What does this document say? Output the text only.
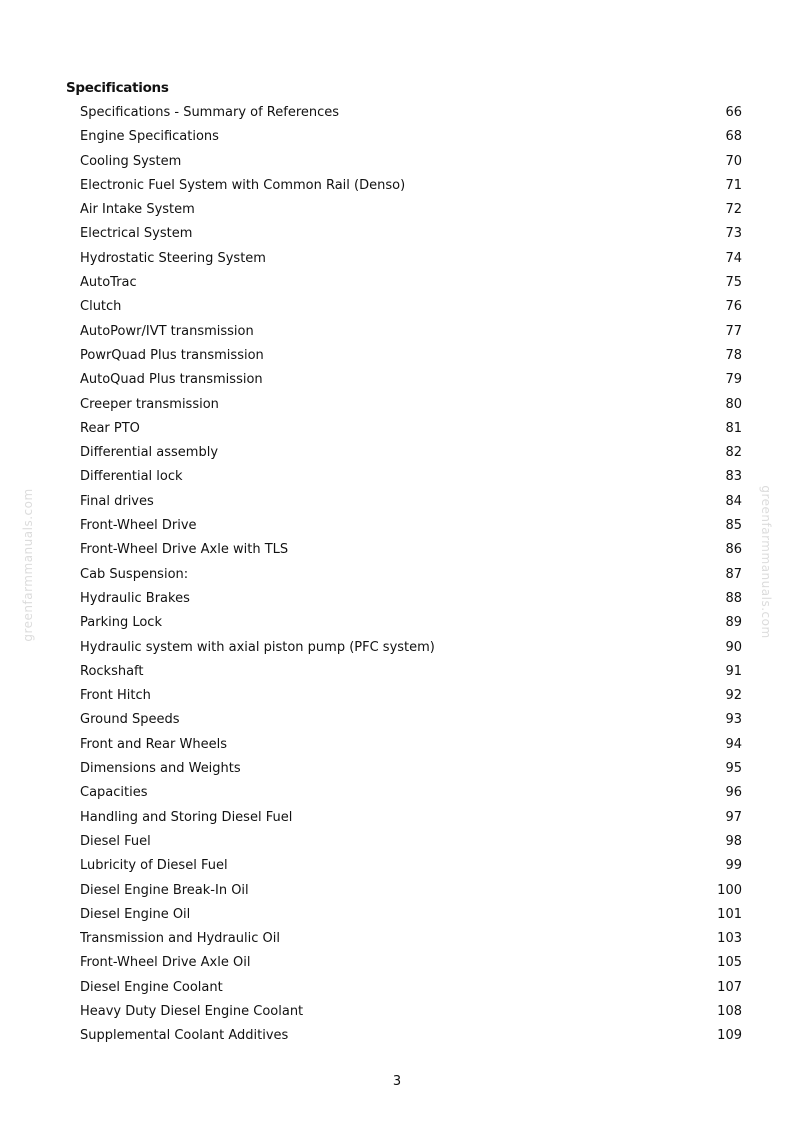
Specifications
Specifications - Summary of References	66
Engine Specifications	68
Cooling System	70
Electronic Fuel System with Common Rail (Denso)	71
Air Intake System	72
Electrical System	73
Hydrostatic Steering System	74
AutoTrac	75
Clutch	76
AutoPowr/IVT transmission	77
PowrQuad Plus transmission	78
AutoQuad Plus transmission	79
Creeper transmission	80
Rear PTO	81
Differential assembly	82
Differential lock	83
Final drives	84
Front-Wheel Drive	85
Front-Wheel Drive Axle with TLS	86
Cab Suspension:	87
Hydraulic Brakes	88
Parking Lock	89
Hydraulic system with axial piston pump (PFC system)	90
Rockshaft	91
Front Hitch	92
Ground Speeds	93
Front and Rear Wheels	94
Dimensions and Weights	95
Capacities	96
Handling and Storing Diesel Fuel	97
Diesel Fuel	98
Lubricity of Diesel Fuel	99
Diesel Engine Break-In Oil	100
Diesel Engine Oil	101
Transmission and Hydraulic Oil	103
Front-Wheel Drive Axle Oil	105
Diesel Engine Coolant	107
Heavy Duty Diesel Engine Coolant	108
Supplemental Coolant Additives	109
greenfarmmanuals.com	greenfarmmanuals.com
3
